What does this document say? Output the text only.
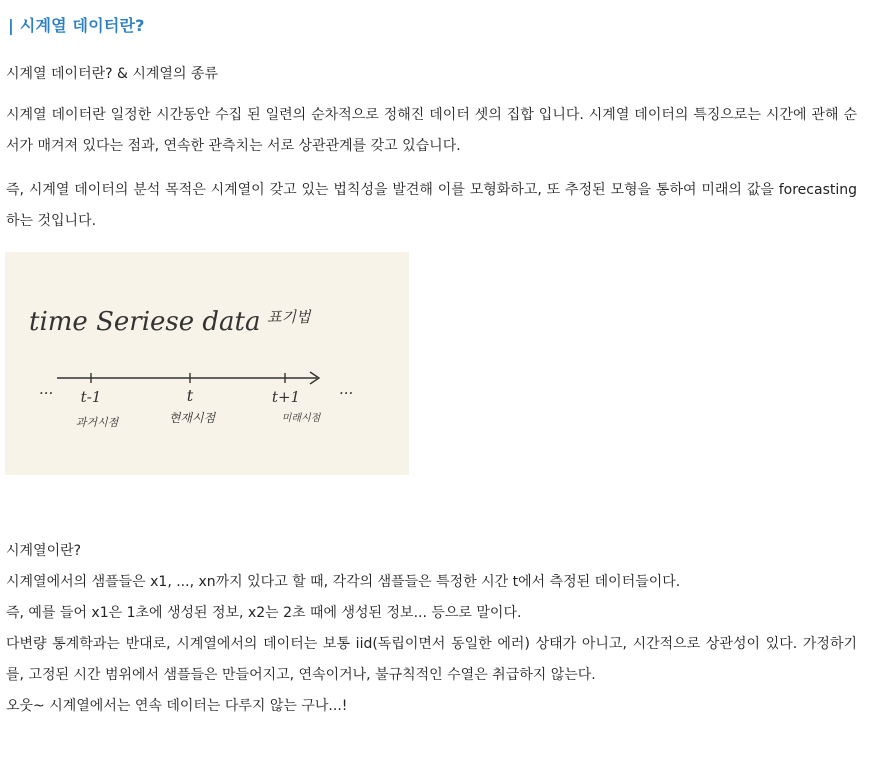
| 시계열 데이터란?
시계열 데이터란? & 시계열의 종류
시계열 데이터란 일정한 시간동안 수집 된 일련의 순차적으로 정해진 데이터 셋의 집합 입니다. 시계열 데이터의 특징으로는 시간에 관해 순서가 매겨져 있다는 점과, 연속한 관측치는 서로 상관관계를 갖고 있습니다.
즉, 시계열 데이터의 분석 목적은 시계열이 갖고 있는 법칙성을 발견해 이를 모형화하고, 또 추정된 모형을 통하여 미래의 값을 forecasting 하는 것입니다.
time Seriese data 표기법
···	···
t-1	t	t+1
과거시점	현재시점	미래시점
시계열이란?
시계열에서의 샘플들은 x1, ..., xn까지 있다고 할 때, 각각의 샘플들은 특정한 시간 t에서 측정된 데이터들이다.
즉, 예를 들어 x1은 1초에 생성된 정보, x2는 2초 때에 생성된 정보... 등으로 말이다.
다변량 통계학과는 반대로, 시계열에서의 데이터는 보통 iid(독립이면서 동일한 에러) 상태가 아니고, 시간적으로 상관성이 있다. 가정하기를, 고정된 시간 범위에서 샘플들은 만들어지고, 연속이거나, 불규칙적인 수열은 취급하지 않는다.
오웃~ 시계열에서는 연속 데이터는 다루지 않는 구나...!
